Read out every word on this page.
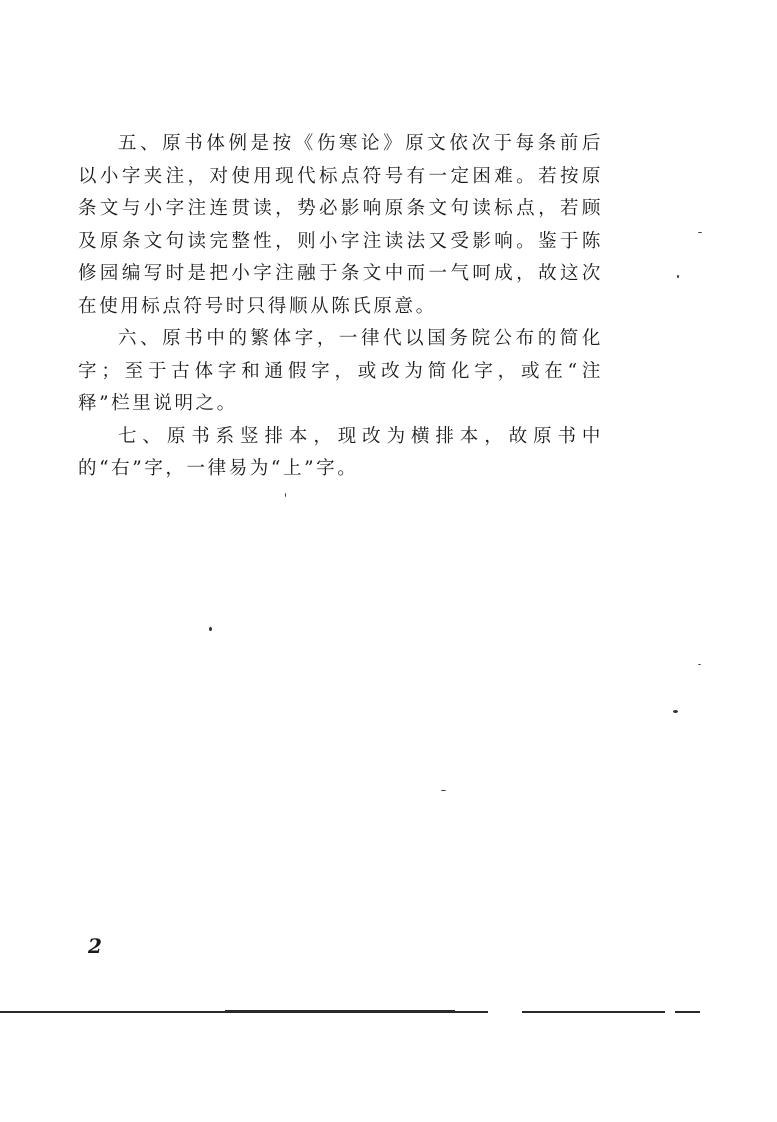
五、原书体例是按《伤寒论》原文依次于每条前后以小字夹注，对使用现代标点符号有一定困难。若按原条文与小字注连贯读，势必影响原条文句读标点，若顾及原条文句读完整性，则小字注读法又受影响。鉴于陈修园编写时是把小字注融于条文中而一气呵成，故这次在使用标点符号时只得顺从陈氏原意。

六、原书中的繁体字，一律代以国务院公布的简化字；至于古体字和通假字，或改为简化字，或在“注释”栏里说明之。

七、原书系竖排本，现改为横排本，故原书中的“右”字，一律易为“上”字。

2
